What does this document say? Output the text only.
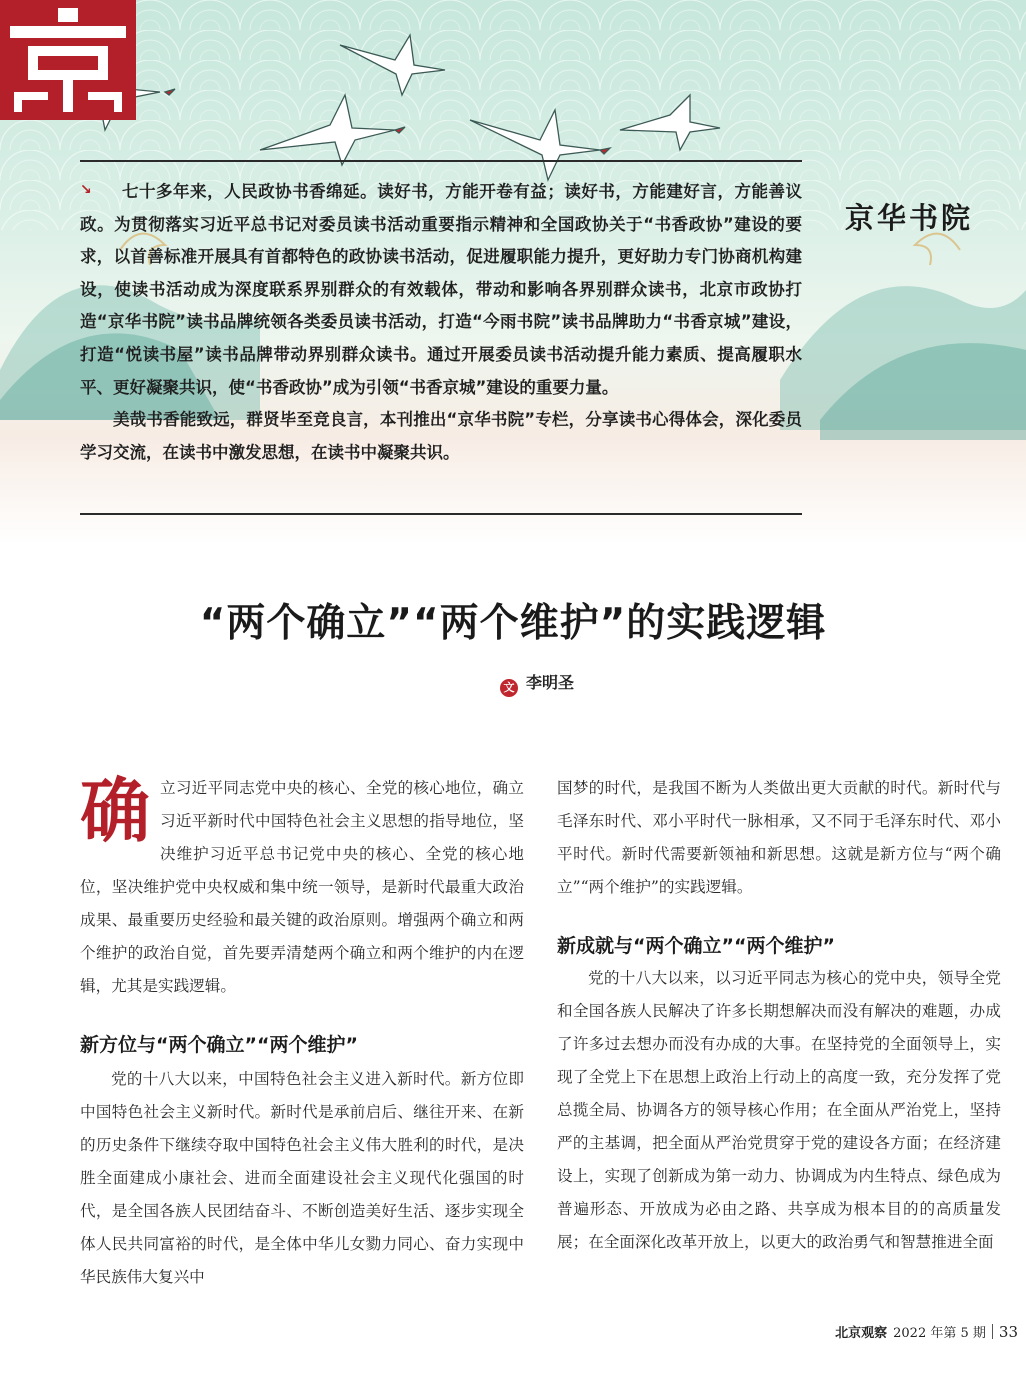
京华书院

↘ 七十多年来，人民政协书香绵延。读好书，方能开卷有益；读好书，方能建好言，方能善议政。为贯彻落实习近平总书记对委员读书活动重要指示精神和全国政协关于“书香政协”建设的要求，以首善标准开展具有首都特色的政协读书活动，促进履职能力提升，更好助力专门协商机构建设，使读书活动成为深度联系界别群众的有效载体，带动和影响各界别群众读书，北京市政协打造“京华书院”读书品牌统领各类委员读书活动，打造“今雨书院”读书品牌助力“书香京城”建设，打造“悦读书屋”读书品牌带动界别群众读书。通过开展委员读书活动提升能力素质、提高履职水平、更好凝聚共识，使“书香政协”成为引领“书香京城”建设的重要力量。

美哉书香能致远，群贤毕至竞良言，本刊推出“京华书院”专栏，分享读书心得体会，深化委员学习交流，在读书中激发思想，在读书中凝聚共识。

“两个确立”“两个维护”的实践逻辑
文 李明圣

确立习近平同志党中央的核心、全党的核心地位，确立习近平新时代中国特色社会主义思想的指导地位，坚决维护习近平总书记党中央的核心、全党的核心地位，坚决维护党中央权威和集中统一领导，是新时代最重大政治成果、最重要历史经验和最关键的政治原则。增强两个确立和两个维护的政治自觉，首先要弄清楚两个确立和两个维护的内在逻辑，尤其是实践逻辑。

新方位与“两个确立”“两个维护”

党的十八大以来，中国特色社会主义进入新时代。新方位即中国特色社会主义新时代。新时代是承前启后、继往开来、在新的历史条件下继续夺取中国特色社会主义伟大胜利的时代，是决胜全面建成小康社会、进而全面建设社会主义现代化强国的时代，是全国各族人民团结奋斗、不断创造美好生活、逐步实现全体人民共同富裕的时代，是全体中华儿女勠力同心、奋力实现中华民族伟大复兴中

国梦的时代，是我国不断为人类做出更大贡献的时代。新时代与毛泽东时代、邓小平时代一脉相承，又不同于毛泽东时代、邓小平时代。新时代需要新领袖和新思想。这就是新方位与“两个确立”“两个维护”的实践逻辑。

新成就与“两个确立”“两个维护”

党的十八大以来，以习近平同志为核心的党中央，领导全党和全国各族人民解决了许多长期想解决而没有解决的难题，办成了许多过去想办而没有办成的大事。在坚持党的全面领导上，实现了全党上下在思想上政治上行动上的高度一致，充分发挥了党总揽全局、协调各方的领导核心作用；在全面从严治党上，坚持严的主基调，把全面从严治党贯穿于党的建设各方面；在经济建设上，实现了创新成为第一动力、协调成为内生特点、绿色成为普遍形态、开放成为必由之路、共享成为根本目的的高质量发展；在全面深化改革开放上，以更大的政治勇气和智慧推进全面

北京观察 2022 年第 5 期 33
